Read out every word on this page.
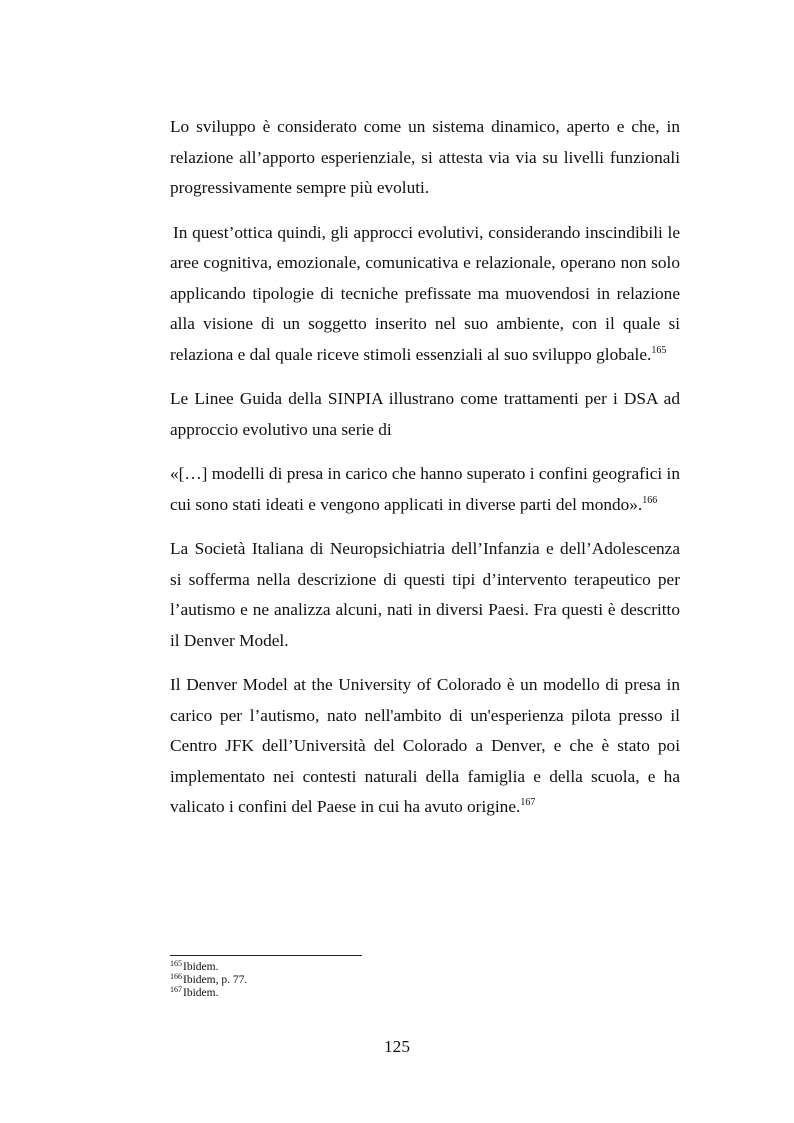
Lo sviluppo è considerato come un sistema dinamico, aperto e che, in relazione all’apporto esperienziale, si attesta via via su livelli funzionali progressivamente sempre più evoluti.

In quest’ottica quindi, gli approcci evolutivi, considerando inscindibili le aree cognitiva, emozionale, comunicativa e relazionale, operano non solo applicando tipologie di tecniche prefissate ma muovendosi in relazione alla visione di un soggetto inserito nel suo ambiente, con il quale si relaziona e dal quale riceve stimoli essenziali al suo sviluppo globale.$^{165}$

Le Linee Guida della SINPIA illustrano come trattamenti per i DSA ad approccio evolutivo una serie di

«[…] modelli di presa in carico che hanno superato i confini geografici in cui sono stati ideati e vengono applicati in diverse parti del mondo».$^{166}$

La Società Italiana di Neuropsichiatria dell’Infanzia e dell’Adolescenza si sofferma nella descrizione di questi tipi d’intervento terapeutico per l’autismo e ne analizza alcuni, nati in diversi Paesi. Fra questi è descritto il Denver Model.

Il Denver Model at the University of Colorado è un modello di presa in carico per l’autismo, nato nell'ambito di un'esperienza pilota presso il Centro JFK dell’Università del Colorado a Denver, e che è stato poi implementato nei contesti naturali della famiglia e della scuola, e ha valicato i confini del Paese in cui ha avuto origine.$^{167}$

$^{165}$Ibidem.

$^{166}$Ibidem, p. 77.

$^{167}$Ibidem.

125
